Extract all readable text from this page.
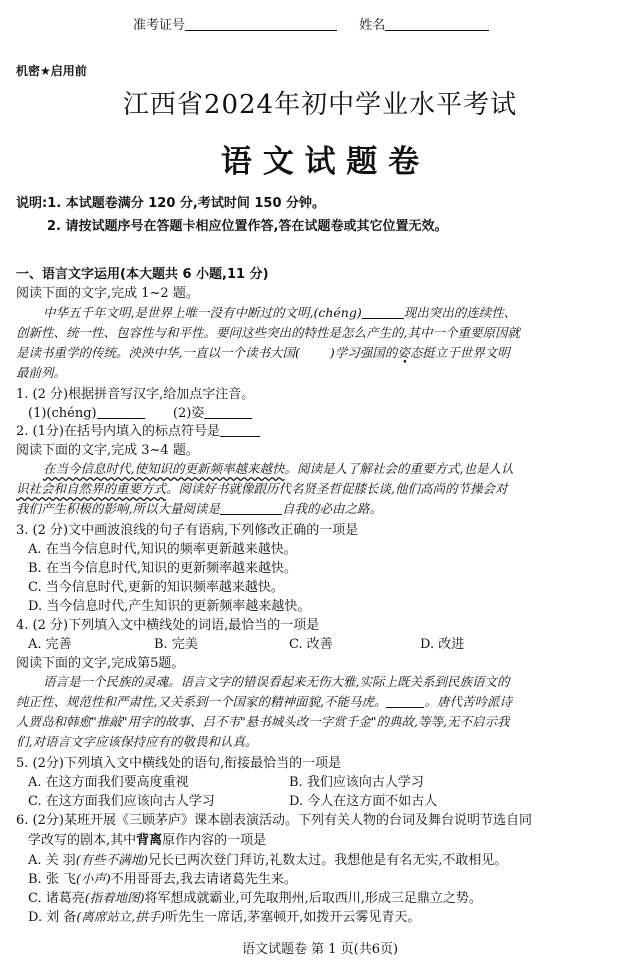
准考证号	姓名
机密★启用前
江西省2024年初中学业水平考试
语 文 试 题 卷
说明:1. 本试题卷满分 120 分,考试时间 150 分钟。
2. 请按试题序号在答题卡相应位置作答,答在试题卷或其它位置无效。
一、语言文字运用(本大题共 6 小题,11 分)
阅读下面的文字,完成 1~2 题。
中华五千年文明,是世界上唯一没有中断过的文明,(chéng)	现出突出的连续性、
创新性、统一性、包容性与和平性。要问这些突出的特性是怎么产生的,其中一个重要原因就
是读书重学的传统。泱泱中华,一直以一个读书大国( )学习强国的姿态挺立于世界文明
最前列。
1. (2 分)根据拼音写汉字,给加点字注音。
(1)(chéng)	(2)姿
2. (1分)在括号内填入的标点符号是
阅读下面的文字,完成 3~4 题。
在当今信息时代,使知识的更新频率越来越快。阅读是人了解社会的重要方式,也是人认
识社会和自然界的重要方式。阅读好书就像跟历代名贤圣哲促膝长谈,他们高尚的节操会对
我们产生积极的影响,所以大量阅读是	自我的必由之路。
3. (2 分)文中画波浪线的句子有语病,下列修改正确的一项是
A. 在当今信息时代,知识的频率更新越来越快。
B. 在当今信息时代,知识的更新频率越来越快。
C. 当今信息时代,更新的知识频率越来越快。
D. 当今信息时代,产生知识的更新频率越来越快。
4. (2 分)下列填入文中横线处的词语,最恰当的一项是
A. 完善	B. 完美	C. 改善	D. 改进
阅读下面的文字,完成第5题。
语言是一个民族的灵魂。语言文字的错误看起来无伤大雅,实际上既关系到民族语文的
纯正性、规范性和严肃性,又关系到一个国家的精神面貌,不能马虎。	。唐代苦吟派诗
人贾岛和韩愈"推敲"用字的故事、吕不韦"悬书城头改一字赏千金"的典故,等等,无不启示我
们,对语言文字应该保持应有的敬畏和认真。
5. (2分)下列填入文中横线处的语句,衔接最恰当的一项是
A. 在这方面我们要高度重视	B. 我们应该向古人学习
C. 在这方面我们应该向古人学习	D. 今人在这方面不如古人
6. (2分)某班开展《三顾茅庐》课本剧表演活动。下列有关人物的台词及舞台说明节选自同
学改写的剧本,其中背离原作内容的一项是
A. 关 羽(有些不满地)兄长已两次登门拜访,礼数太过。我想他是有名无实,不敢相见。
B. 张 飞(小声)不用哥哥去,我去请诸葛先生来。
C. 诸葛亮(指着地图)将军想成就霸业,可先取荆州,后取西川,形成三足鼎立之势。
D. 刘 备(离席站立,拱手)听先生一席话,茅塞顿开,如拨开云雾见青天。
语文试题卷 第 1 页(共6页)
